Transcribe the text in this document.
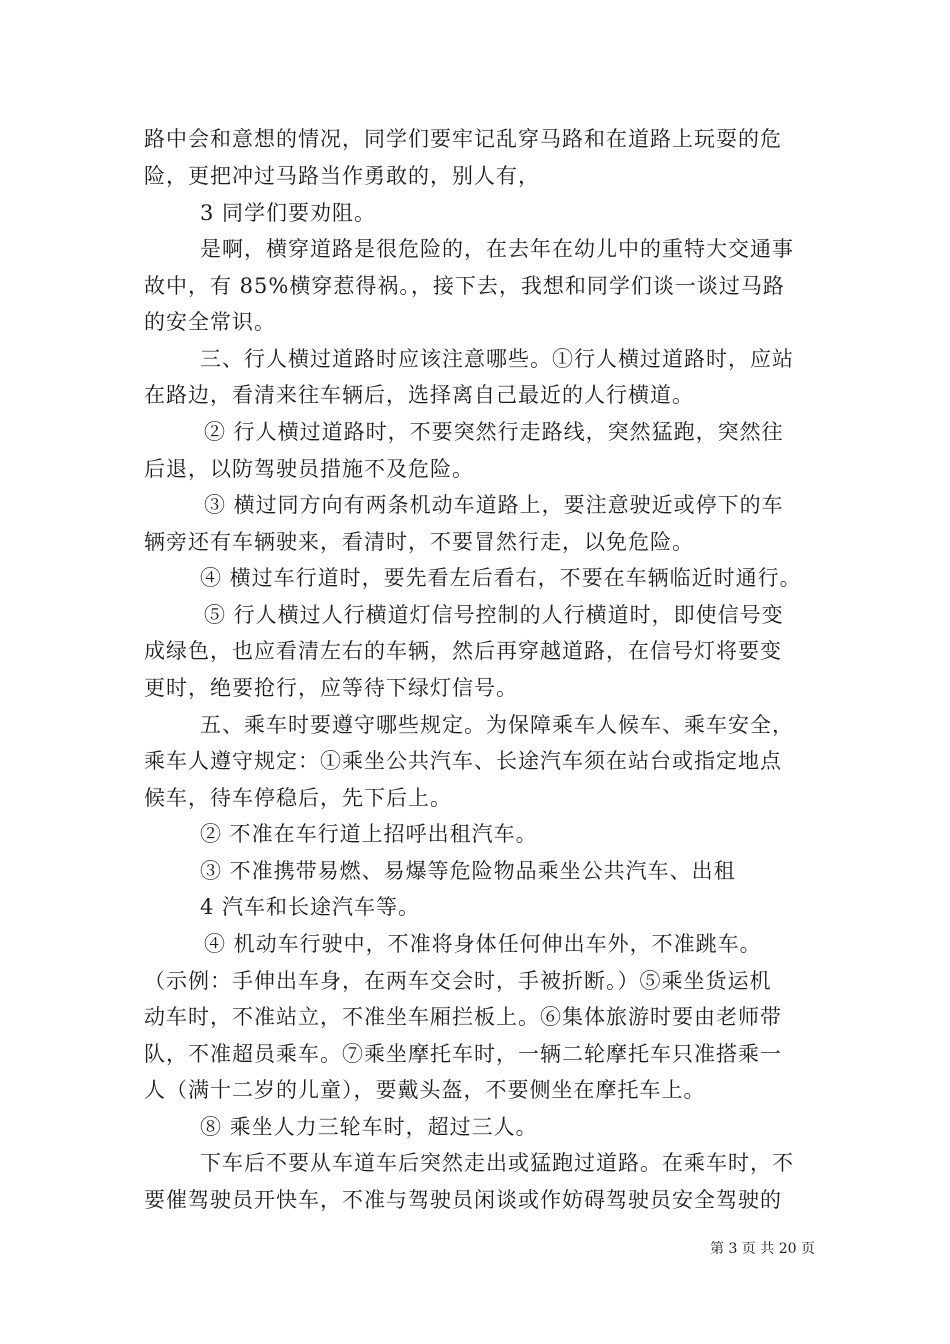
路中会和意想的情况，同学们要牢记乱穿马路和在道路上玩耍的危
险，更把冲过马路当作勇敢的，别人有，
3 同学们要劝阻。
是啊，横穿道路是很危险的，在去年在幼儿中的重特大交通事
故中，有 85%横穿惹得祸。，接下去，我想和同学们谈一谈过马路
的安全常识。
三、行人横过道路时应该注意哪些。①行人横过道路时，应站
在路边，看清来往车辆后，选择离自己最近的人行横道。
② 行人横过道路时，不要突然行走路线，突然猛跑，突然往
后退，以防驾驶员措施不及危险。
③ 横过同方向有两条机动车道路上，要注意驶近或停下的车
辆旁还有车辆驶来，看清时，不要冒然行走，以免危险。
④ 横过车行道时，要先看左后看右，不要在车辆临近时通行。
⑤ 行人横过人行横道灯信号控制的人行横道时，即使信号变
成绿色，也应看清左右的车辆，然后再穿越道路，在信号灯将要变
更时，绝要抢行，应等待下绿灯信号。
五、乘车时要遵守哪些规定。为保障乘车人候车、乘车安全，
乘车人遵守规定：①乘坐公共汽车、长途汽车须在站台或指定地点
候车，待车停稳后，先下后上。
② 不准在车行道上招呼出租汽车。
③ 不准携带易燃、易爆等危险物品乘坐公共汽车、出租
4 汽车和长途汽车等。
④ 机动车行驶中，不准将身体任何伸出车外，不准跳车。
（示例：手伸出车身，在两车交会时，手被折断。）⑤乘坐货运机
动车时，不准站立，不准坐车厢拦板上。⑥集体旅游时要由老师带
队，不准超员乘车。⑦乘坐摩托车时，一辆二轮摩托车只准搭乘一
人（满十二岁的儿童），要戴头盔，不要侧坐在摩托车上。
⑧ 乘坐人力三轮车时，超过三人。
下车后不要从车道车后突然走出或猛跑过道路。在乘车时，不
要催驾驶员开快车，不准与驾驶员闲谈或作妨碍驾驶员安全驾驶的
第 3 页 共 20 页
